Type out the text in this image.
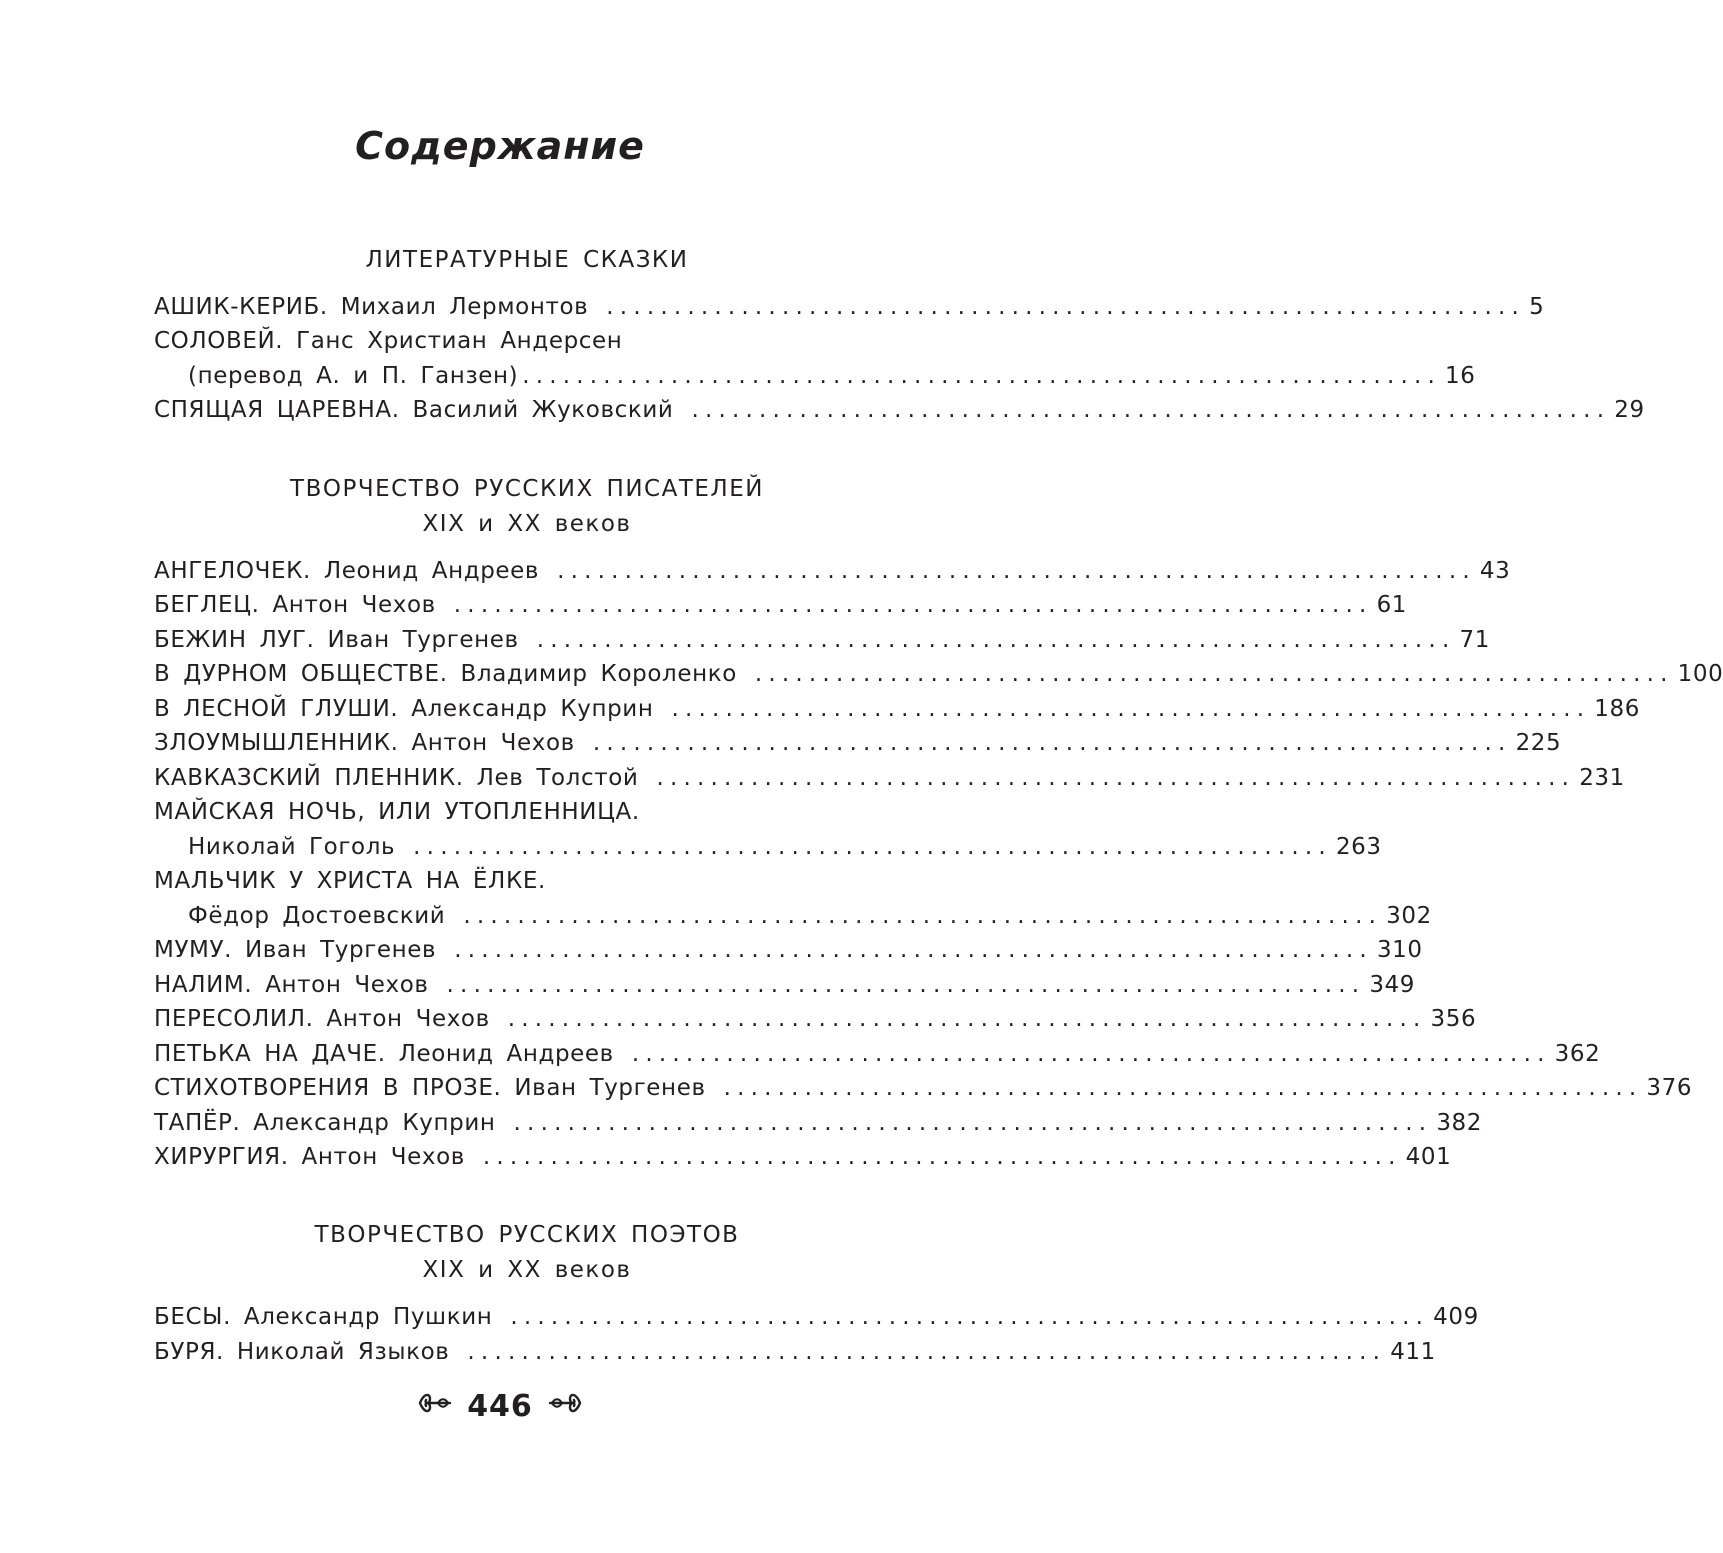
Содержание
ЛИТЕРАТУРНЫЕ СКАЗКИ
АШИК-КЕРИБ. Михаил Лермонтов .................................................................... 5
СОЛОВЕЙ. Ганс Христиан Андерсен
(перевод А. и П. Ганзен) .................................................................... 16
СПЯЩАЯ ЦАРЕВНА. Василий Жуковский .................................................................... 29
ТВОРЧЕСТВО РУССКИХ ПИСАТЕЛЕЙ
XIX и XX веков
АНГЕЛОЧЕК. Леонид Андреев .................................................................... 43
БЕГЛЕЦ. Антон Чехов .................................................................... 61
БЕЖИН ЛУГ. Иван Тургенев .................................................................... 71
В ДУРНОМ ОБЩЕСТВЕ. Владимир Короленко .................................................................... 100
В ЛЕСНОЙ ГЛУШИ. Александр Куприн .................................................................... 186
ЗЛОУМЫШЛЕННИК. Антон Чехов .................................................................... 225
КАВКАЗСКИЙ ПЛЕННИК. Лев Толстой .................................................................... 231
МАЙСКАЯ НОЧЬ, ИЛИ УТОПЛЕННИЦА.
Николай Гоголь .................................................................... 263
МАЛЬЧИК У ХРИСТА НА ЁЛКЕ.
Фёдор Достоевский .................................................................... 302
МУМУ. Иван Тургенев .................................................................... 310
НАЛИМ. Антон Чехов .................................................................... 349
ПЕРЕСОЛИЛ. Антон Чехов .................................................................... 356
ПЕТЬКА НА ДАЧЕ. Леонид Андреев .................................................................... 362
СТИХОТВОРЕНИЯ В ПРОЗЕ. Иван Тургенев .................................................................... 376
ТАПЁР. Александр Куприн .................................................................... 382
ХИРУРГИЯ. Антон Чехов .................................................................... 401
ТВОРЧЕСТВО РУССКИХ ПОЭТОВ
XIX и XX веков
БЕСЫ. Александр Пушкин .................................................................... 409
БУРЯ. Николай Языков .................................................................... 411
446
